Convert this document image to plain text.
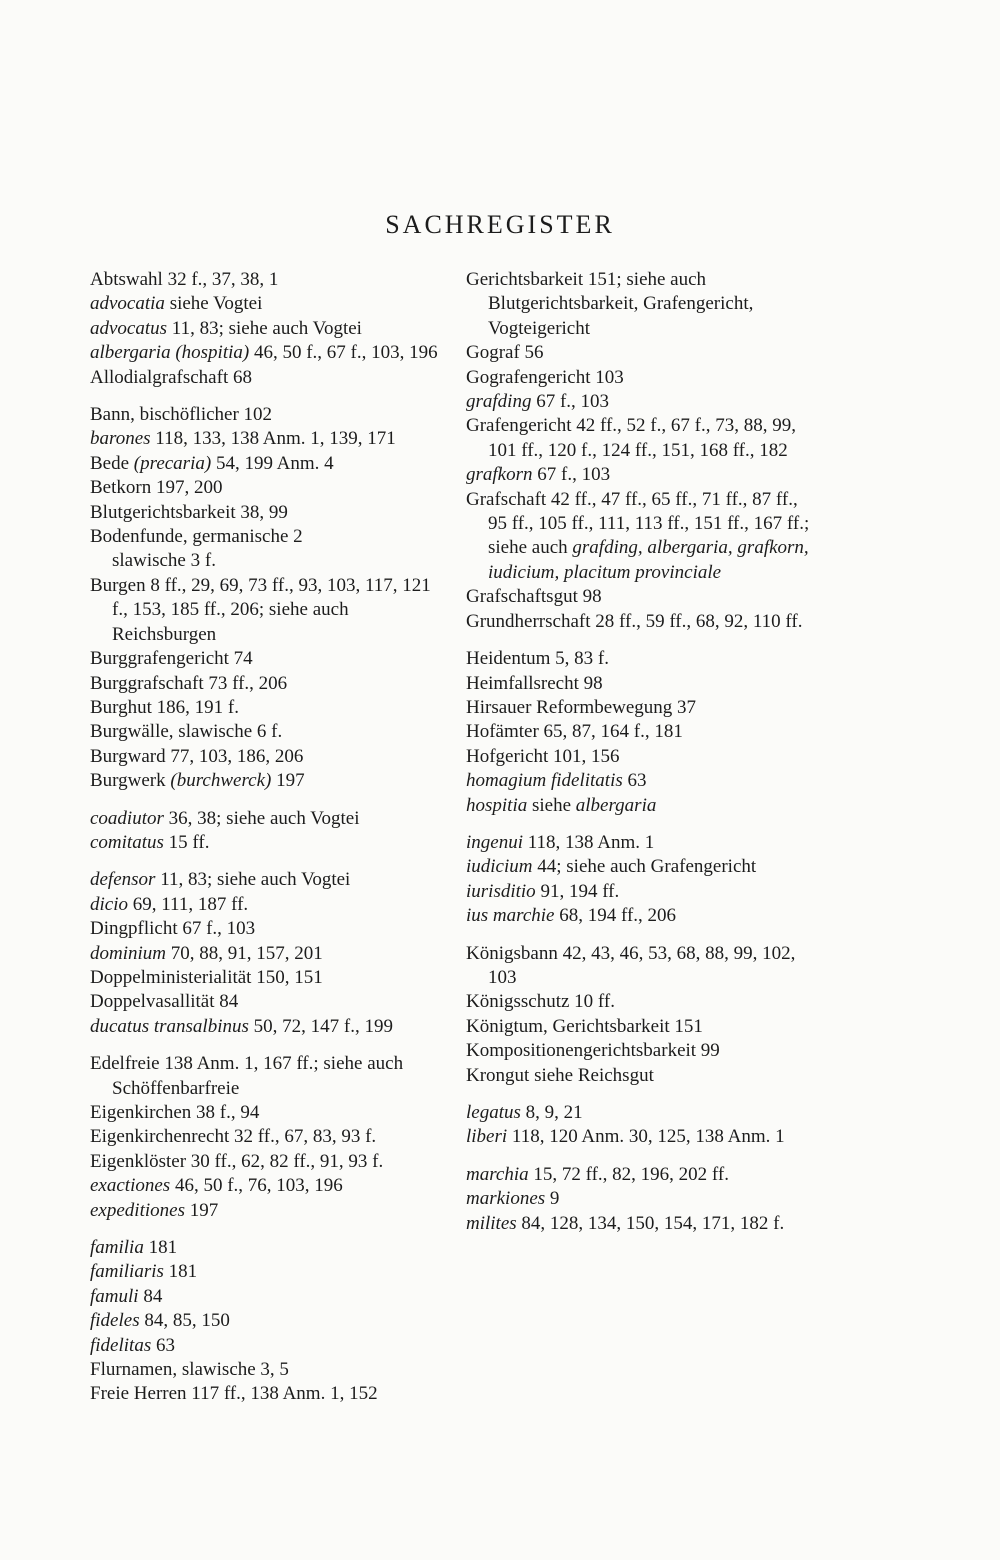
SACHREGISTER
Abtswahl 32 f., 37, 38, 1
advocatia siehe Vogtei
advocatus 11, 83; siehe auch Vogtei
albergaria (hospitia) 46, 50 f., 67 f., 103, 196
Allodialgrafschaft 68
Bann, bischöflicher 102
barones 118, 133, 138 Anm. 1, 139, 171
Bede (precaria) 54, 199 Anm. 4
Betkorn 197, 200
Blutgerichtsbarkeit 38, 99
Bodenfunde, germanische 2
slawische 3 f.
Burgen 8 ff., 29, 69, 73 ff., 93, 103, 117, 121 f., 153, 185 ff., 206; siehe auch Reichsburgen
Burggrafengericht 74
Burggrafschaft 73 ff., 206
Burghut 186, 191 f.
Burgwälle, slawische 6 f.
Burgward 77, 103, 186, 206
Burgwerk (burchwerck) 197
coadiutor 36, 38; siehe auch Vogtei
comitatus 15 ff.
defensor 11, 83; siehe auch Vogtei
dicio 69, 111, 187 ff.
Dingpflicht 67 f., 103
dominium 70, 88, 91, 157, 201
Doppelministerialität 150, 151
Doppelvasallität 84
ducatus transalbinus 50, 72, 147 f., 199
Edelfreie 138 Anm. 1, 167 ff.; siehe auch Schöffenbarfreie
Eigenkirchen 38 f., 94
Eigenkirchenrecht 32 ff., 67, 83, 93 f.
Eigenklöster 30 ff., 62, 82 ff., 91, 93 f.
exactiones 46, 50 f., 76, 103, 196
expeditiones 197
familia 181
familiaris 181
famuli 84
fideles 84, 85, 150
fidelitas 63
Flurnamen, slawische 3, 5
Freie Herren 117 ff., 138 Anm. 1, 152
Gerichtsbarkeit 151; siehe auch Blutgerichtsbarkeit, Grafengericht, Vogteigericht
Gograf 56
Gografengericht 103
grafding 67 f., 103
Grafengericht 42 ff., 52 f., 67 f., 73, 88, 99, 101 ff., 120 f., 124 ff., 151, 168 ff., 182
grafkorn 67 f., 103
Grafschaft 42 ff., 47 ff., 65 ff., 71 ff., 87 ff., 95 ff., 105 ff., 111, 113 ff., 151 ff., 167 ff.; siehe auch grafding, albergaria, grafkorn, iudicium, placitum provinciale
Grafschaftsgut 98
Grundherrschaft 28 ff., 59 ff., 68, 92, 110 ff.
Heidentum 5, 83 f.
Heimfallsrecht 98
Hirsauer Reformbewegung 37
Hofämter 65, 87, 164 f., 181
Hofgericht 101, 156
homagium fidelitatis 63
hospitia siehe albergaria
ingenui 118, 138 Anm. 1
iudicium 44; siehe auch Grafengericht
iurisditio 91, 194 ff.
ius marchie 68, 194 ff., 206
Königsbann 42, 43, 46, 53, 68, 88, 99, 102, 103
Königsschutz 10 ff.
Königtum, Gerichtsbarkeit 151
Kompositionengerichtsbarkeit 99
Krongut siehe Reichsgut
legatus 8, 9, 21
liberi 118, 120 Anm. 30, 125, 138 Anm. 1
marchia 15, 72 ff., 82, 196, 202 ff.
markiones 9
milites 84, 128, 134, 150, 154, 171, 182 f.
